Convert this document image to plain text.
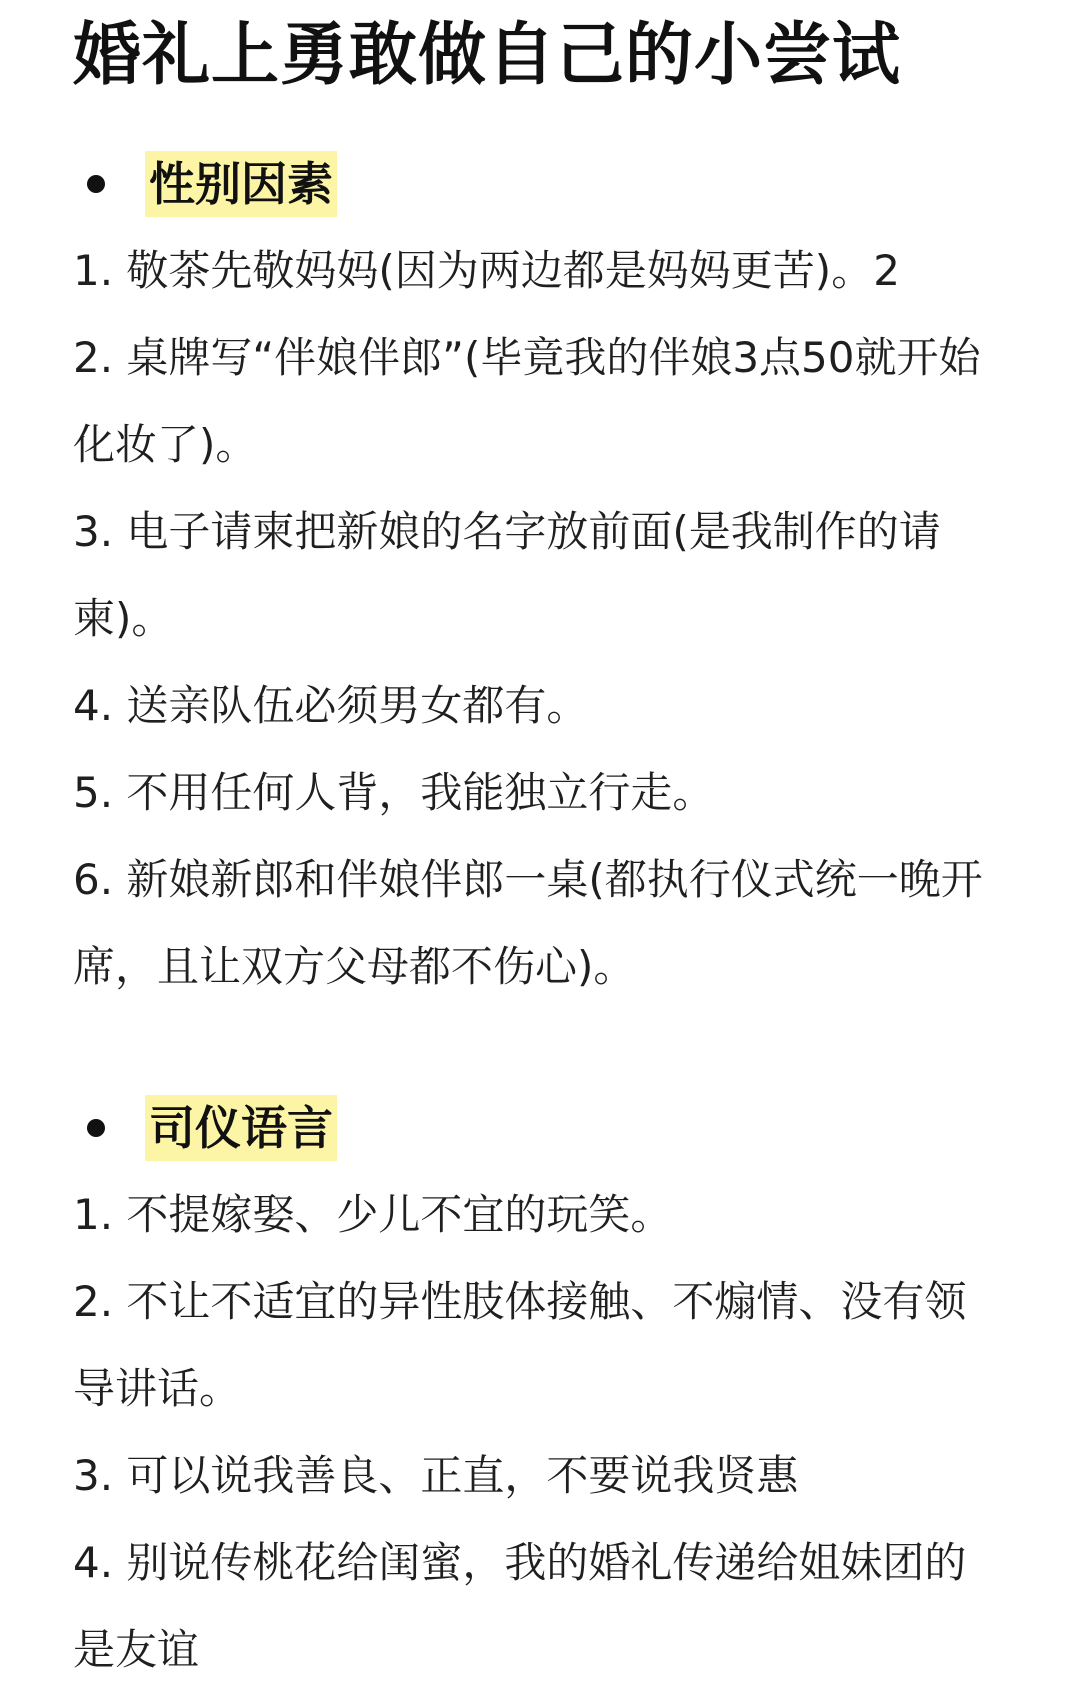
婚礼上勇敢做自己的小尝试
性别因素
1. 敬茶先敬妈妈(因为两边都是妈妈更苦)。2
2. 桌牌写“伴娘伴郎”(毕竟我的伴娘3点50就开始化妆了)。
3. 电子请柬把新娘的名字放前面(是我制作的请柬)。
4. 送亲队伍必须男女都有。
5. 不用任何人背，我能独立行走。
6. 新娘新郎和伴娘伴郎一桌(都执行仪式统一晚开席，且让双方父母都不伤心)。
司仪语言
1. 不提嫁娶、少儿不宜的玩笑。
2. 不让不适宜的异性肢体接触、不煽情、没有领导讲话。
3. 可以说我善良、正直，不要说我贤惠
4. 别说传桃花给闺蜜，我的婚礼传递给姐妹团的是友谊
